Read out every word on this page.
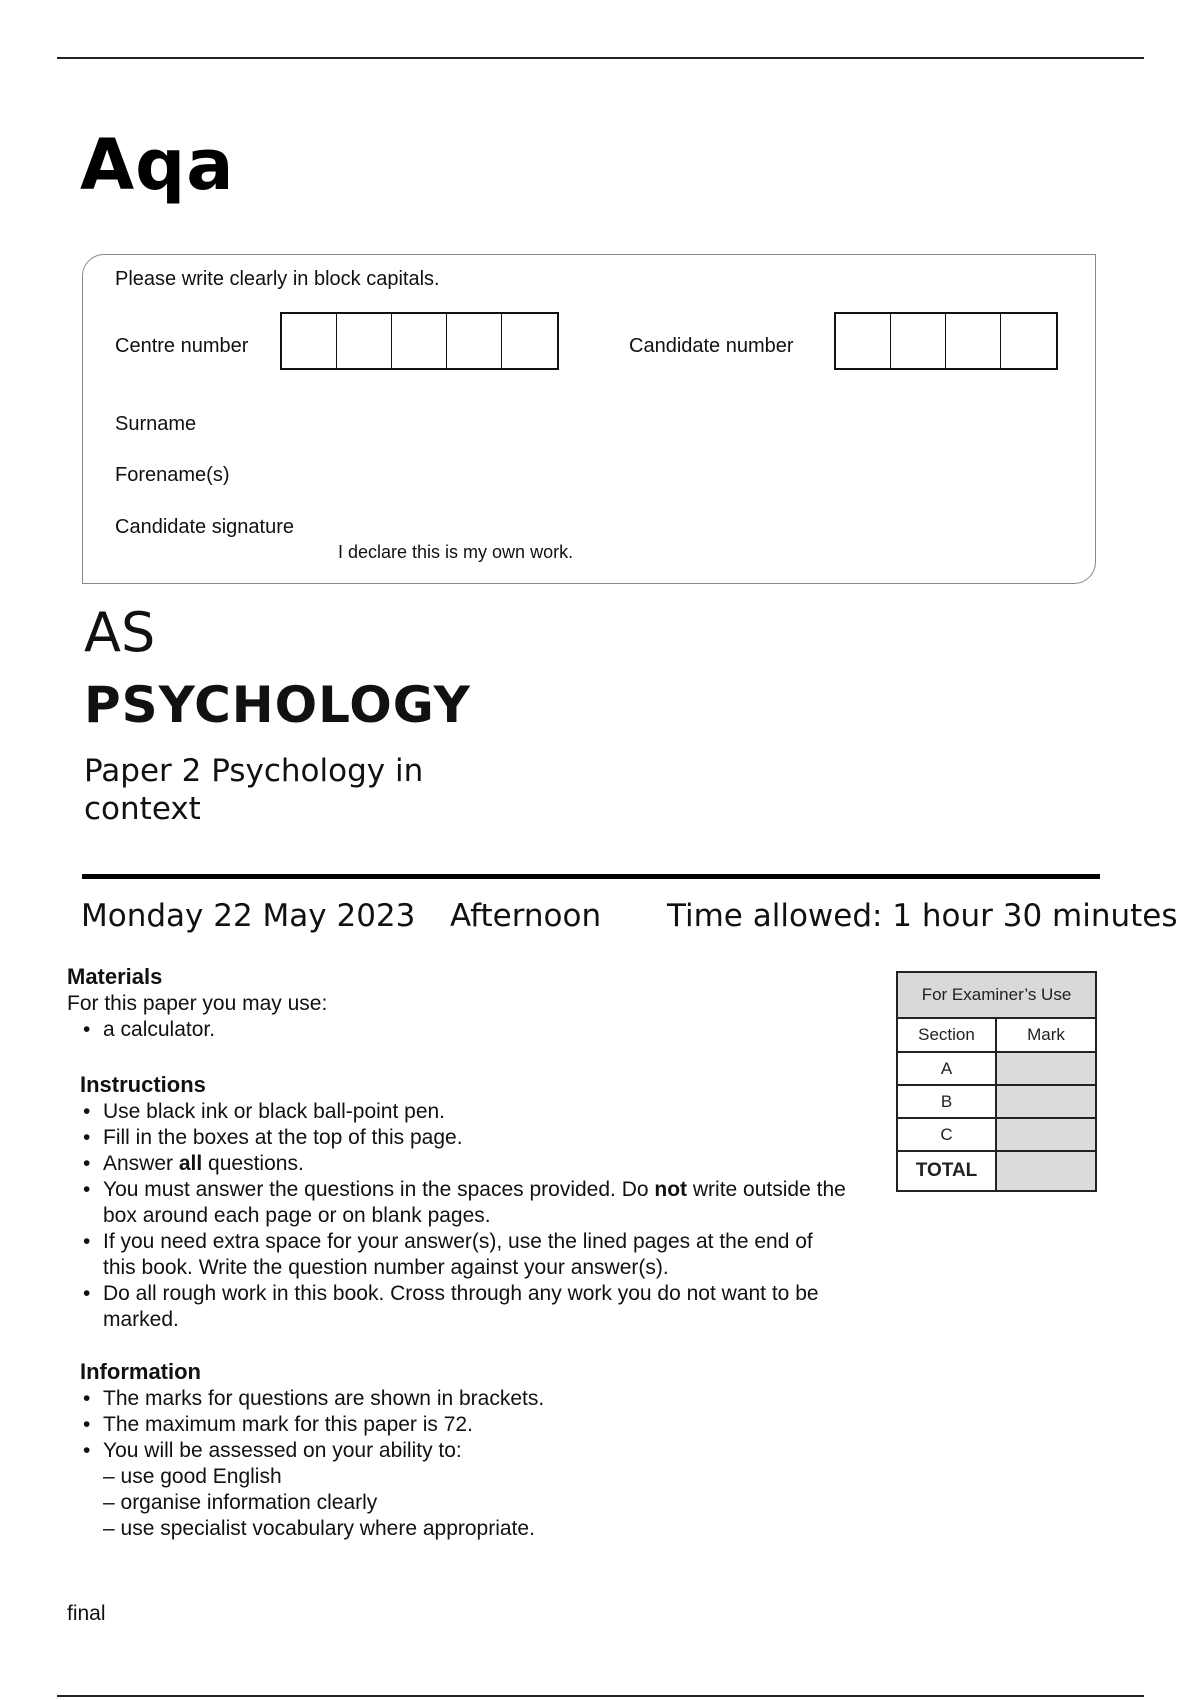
Aqa
Please write clearly in block capitals.
Centre number	Candidate number
Surname
Forename(s)
Candidate signature
I declare this is my own work.
AS
PSYCHOLOGY
Paper 2 Psychology in context
Monday 22 May 2023 Afternoon Time allowed: 1 hour 30 minutes
Materials
For this paper you may use:
• a calculator.
Instructions
• Use black ink or black ball-point pen.
• Fill in the boxes at the top of this page.
• Answer all questions.
• You must answer the questions in the spaces provided. Do not write outside the box around each page or on blank pages.
• If you need extra space for your answer(s), use the lined pages at the end of this book. Write the question number against your answer(s).
• Do all rough work in this book. Cross through any work you do not want to be marked.
Information
• The marks for questions are shown in brackets.
• The maximum mark for this paper is 72.
• You will be assessed on your ability to:
– use good English
– organise information clearly
– use specialist vocabulary where appropriate.
For Examiner’s Use	
Section	Mark
A	
B	
C	
TOTAL	
final
